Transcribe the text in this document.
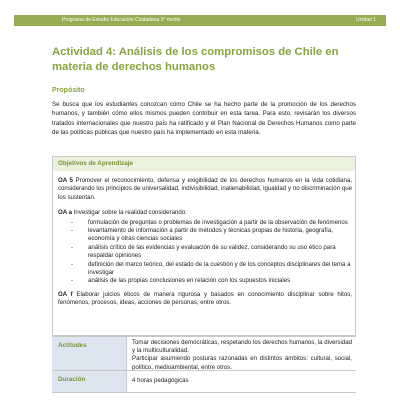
Programa de Estudio Educación Ciudadana 3° medio	Unidad 1
Actividad 4: Análisis de los compromisos de Chile en materia de derechos humanos
Propósito

Se busca que los estudiantes conozcan cómo Chile se ha hecho parte de la promoción de los derechos humanos, y también cómo ellos mismos pueden contribuir en esta tarea. Para esto, revisarán los diversos tratados internacionales que nuestro país ha ratificado y el Plan Nacional de Derechos Humanos como parte de las políticas públicas que nuestro país ha implementado en esta materia.

Objetivos de Aprendizaje

OA 5 Promover el reconocimiento, defensa y exigibilidad de los derechos humanos en la vida cotidiana, considerando los principios de universalidad, indivisibilidad, inalienabilidad, igualdad y no discriminación que los sustentan.

OA a Investigar sobre la realidad considerando:

- formulación de preguntas o problemas de investigación a partir de la observación de fenómenos
- levantamiento de información a partir de métodos y técnicas propias de historia, geografía, economía y otras ciencias sociales
- análisis crítico de las evidencias y evaluación de su validez, considerando su uso ético para respaldar opiniones
- definición del marco teórico, del estado de la cuestión y de los conceptos disciplinares del tema a investigar
- análisis de las propias conclusiones en relación con los supuestos iniciales

OA f Elaborar juicios éticos de manera rigurosa y basados en conocimiento disciplinar sobre hitos, fenómenos, procesos, ideas, acciones de personas, entre otros.

Actitudes	Tomar decisiones democráticas, respetando los derechos humanos, la diversidad y la multiculturalidad.

Participar asumiendo posturas razonadas en distintos ámbitos: cultural, social, político, medioambiental, entre otros.

Duración	4 horas pedagógicas
